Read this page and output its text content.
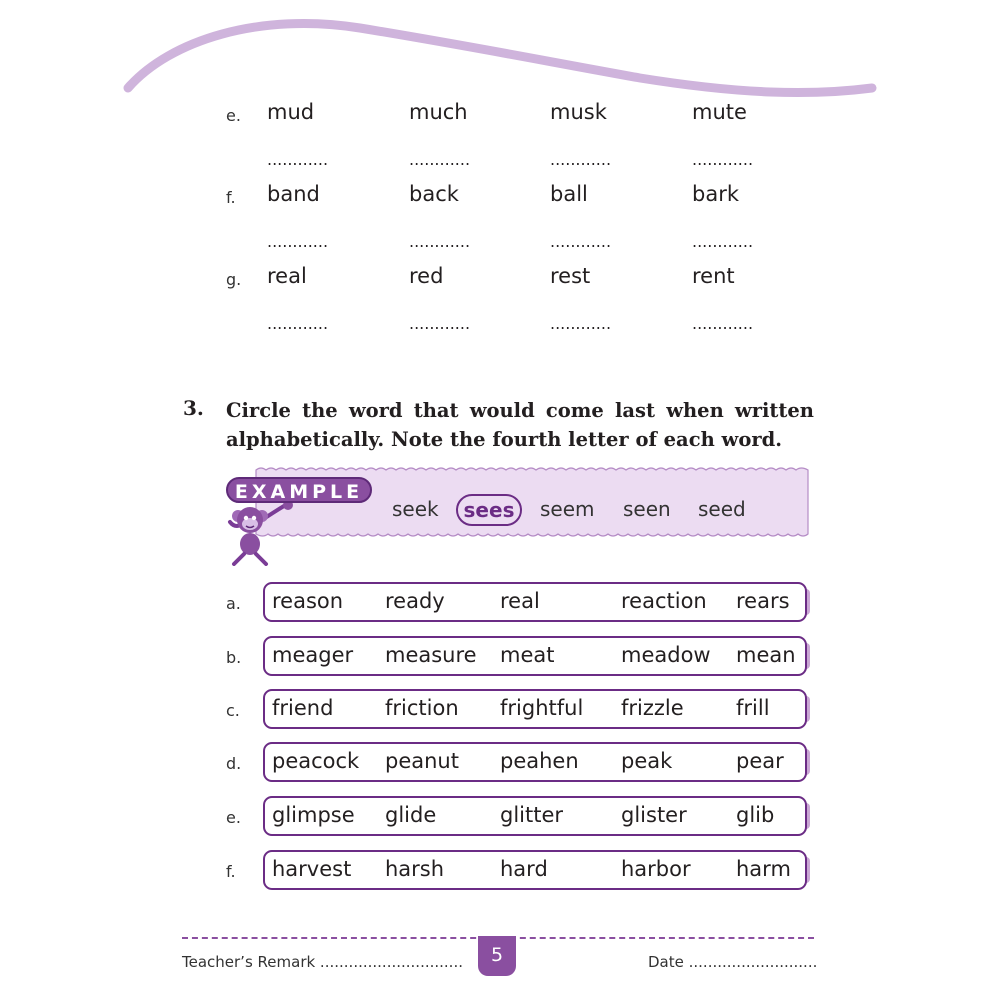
e. mud	much	musk	mute
............	............	............	............
f. band	back	ball	bark
............	............	............	............
g. real	red	rest	rent
............	............	............	............
3. Circle the word that would come last when written alphabetically. Note the fourth letter of each word.

EXAMPLE
seek	sees	seem seen seed
a. reason ready	real	reaction rears
b. meager measure meat	meadow mean
c. friend friction frightful frizzle frill
d. peacock peanut peahen peak	pear
e. glimpse glide	glitter	glister glib
f. harvest harsh	hard	harbor harm
Teacher’s Remark ..............................	5	Date ...........................
